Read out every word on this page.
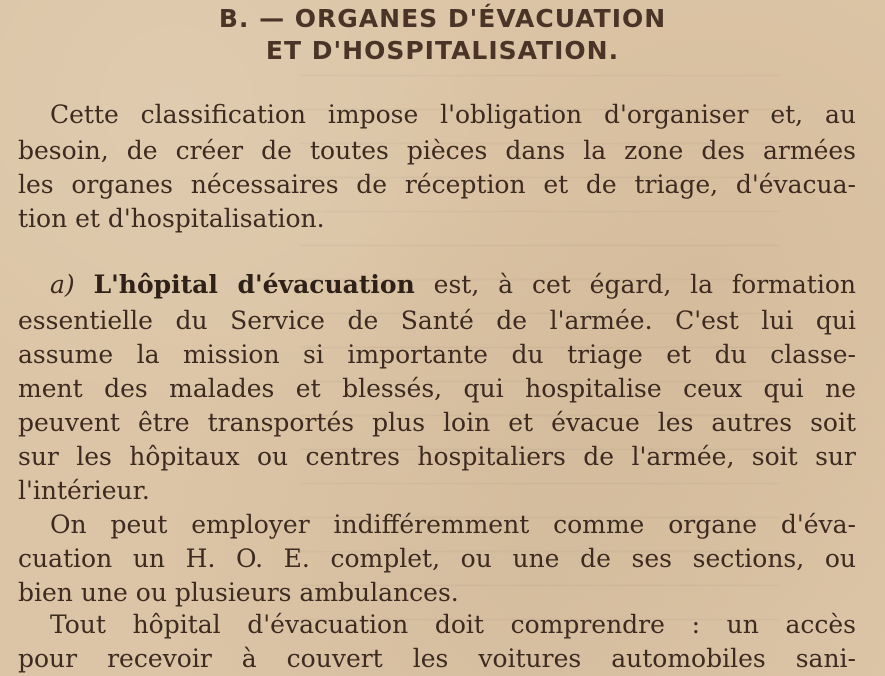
B. — ORGANES D'ÉVACUATION
ET D'HOSPITALISATION.
Cette classification impose l'obligation d'organiser et, au
besoin, de créer de toutes pièces dans la zone des armées
les organes nécessaires de réception et de triage, d'évacua-
tion et d'hospitalisation.
a) L'hôpital d'évacuation est, à cet égard, la formation
essentielle du Service de Santé de l'armée. C'est lui qui
assume la mission si importante du triage et du classe-
ment des malades et blessés, qui hospitalise ceux qui ne
peuvent être transportés plus loin et évacue les autres soit
sur les hôpitaux ou centres hospitaliers de l'armée, soit sur
l'intérieur.
On peut employer indifféremment comme organe d'éva-
cuation un H. O. E. complet, ou une de ses sections, ou
bien une ou plusieurs ambulances.
Tout hôpital d'évacuation doit comprendre : un accès
pour recevoir à couvert les voitures automobiles sani-
